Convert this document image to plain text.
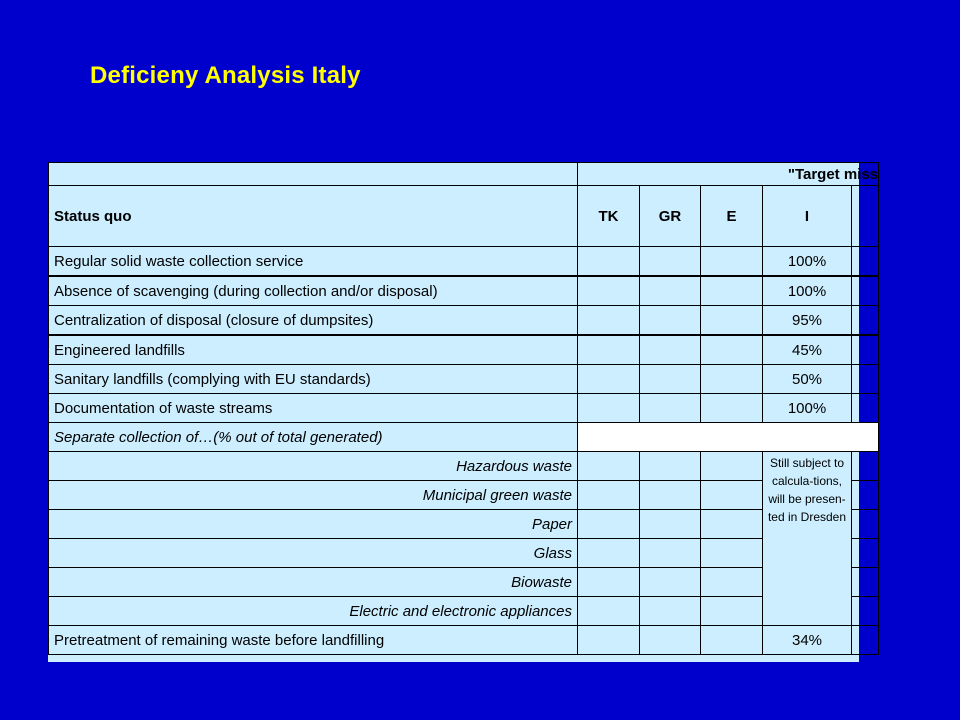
Deficieny Analysis Italy
	"Target miss				
Status quo	TK	GR	E	I	
Regular solid waste collection service				100%	
Absence of scavenging (during collection and/or disposal)				100%	
Centralization of disposal (closure of dumpsites)				95%	
Engineered landfills				45%	
Sanitary landfills (complying with EU standards)				50%	
Documentation of waste streams				100%	
Separate collection of…(% out of total generated)					
Hazardous waste				Still subject to calcula-tions, will be presen-ted in Dresden	
Municipal green waste					
Paper					
Glass					
Biowaste					
Electric and electronic appliances					
Pretreatment of remaining waste before landfilling				34%	
